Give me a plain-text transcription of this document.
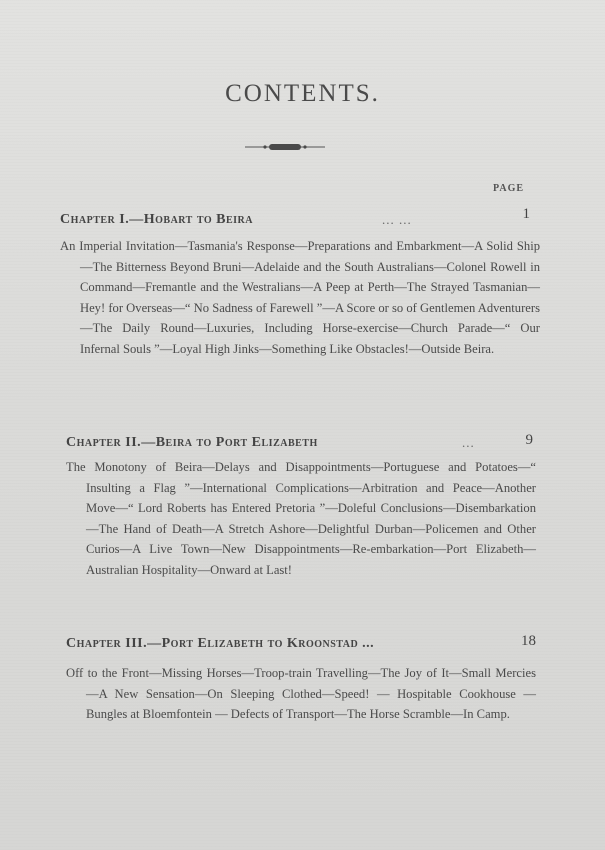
CONTENTS.
PAGE
Chapter I.—Hobart to Beira	... ...	1
An Imperial Invitation—Tasmania's Response—Preparations and Embarkment—A Solid Ship—The Bitterness Beyond Bruni—Adelaide and the South Australians—Colonel Rowell in Command—Fremantle and the Westralians—A Peep at Perth—The Strayed Tasmanian—Hey! for Overseas—“ No Sadness of Farewell ”—A Score or so of Gentlemen Adventurers—The Daily Round—Luxuries, Including Horse-exercise—Church Parade—“ Our Infernal Souls ”—Loyal High Jinks—Something Like Obstacles!—Outside Beira.
Chapter II.—Beira to Port Elizabeth	...	9
The Monotony of Beira—Delays and Disappointments—Portuguese and Potatoes—“ Insulting a Flag ”—International Complications—Arbitration and Peace—Another Move—“ Lord Roberts has Entered Pretoria ”—Doleful Conclusions—Disembarkation—The Hand of Death—A Stretch Ashore—Delightful Durban—Policemen and Other Curios—A Live Town—New Disappointments—Re-embarkation—Port Elizabeth—Australian Hospitality—Onward at Last!
Chapter III.—Port Elizabeth to Kroonstad ...	18
Off to the Front—Missing Horses—Troop-train Travelling—The Joy of It—Small Mercies—A New Sensation—On Sleeping Clothed—Speed! — Hospitable Cookhouse — Bungles at Bloemfontein — Defects of Transport—The Horse Scramble—In Camp.
